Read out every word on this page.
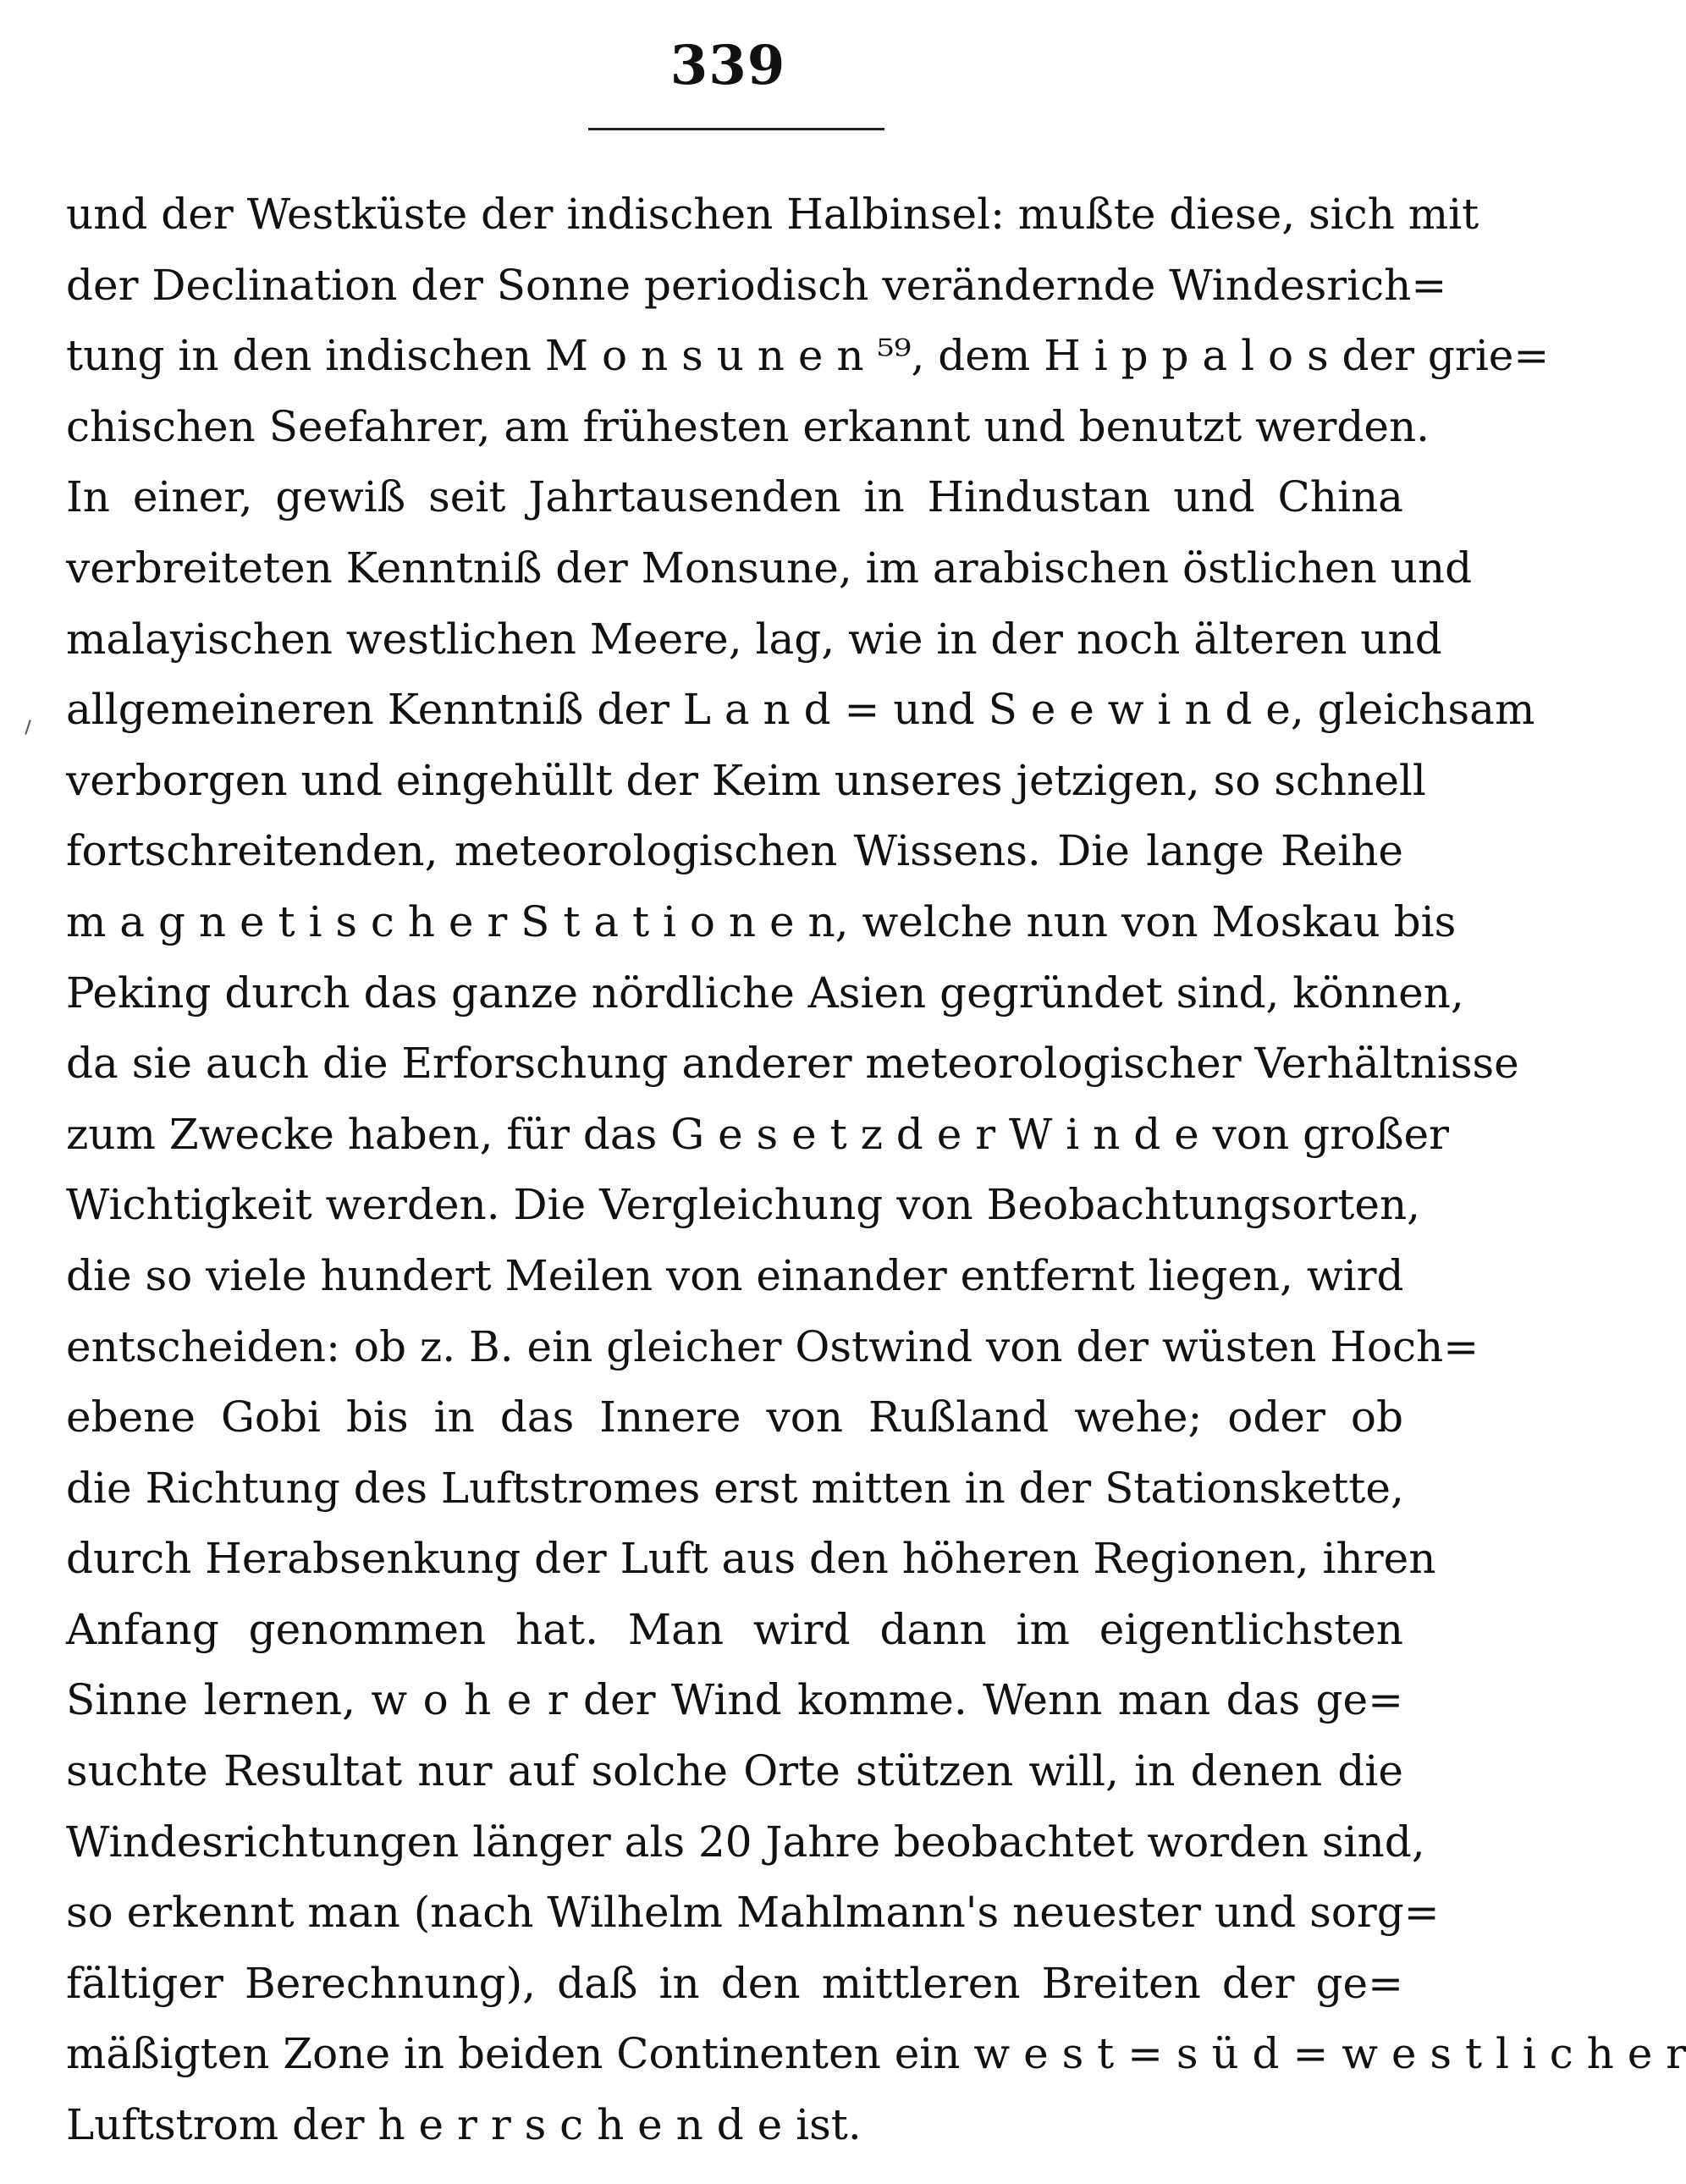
339
und der Westküste der indischen Halbinsel: mußte diese, sich mit
der Declination der Sonne periodisch verändernde Windesrich=
tung in den indischen M o n s u n e n ⁵⁹, dem H i p p a l o s der grie=
chischen Seefahrer, am frühesten erkannt und benutzt werden.
In einer, gewiß seit Jahrtausenden in Hindustan und China
verbreiteten Kenntniß der Monsune, im arabischen östlichen und
malayischen westlichen Meere, lag, wie in der noch älteren und
allgemeineren Kenntniß der L a n d = und S e e w i n d e, gleichsam
verborgen und eingehüllt der Keim unseres jetzigen, so schnell
fortschreitenden, meteorologischen Wissens. Die lange Reihe
m a g n e t i s c h e r S t a t i o n e n, welche nun von Moskau bis
Peking durch das ganze nördliche Asien gegründet sind, können,
da sie auch die Erforschung anderer meteorologischer Verhältnisse
zum Zwecke haben, für das G e s e t z d e r W i n d e von großer
Wichtigkeit werden. Die Vergleichung von Beobachtungsorten,
die so viele hundert Meilen von einander entfernt liegen, wird
entscheiden: ob z. B. ein gleicher Ostwind von der wüsten Hoch=
ebene Gobi bis in das Innere von Rußland wehe; oder ob
die Richtung des Luftstromes erst mitten in der Stationskette,
durch Herabsenkung der Luft aus den höheren Regionen, ihren
Anfang genommen hat. Man wird dann im eigentlichsten
Sinne lernen, w o h e r der Wind komme. Wenn man das ge=
suchte Resultat nur auf solche Orte stützen will, in denen die
Windesrichtungen länger als 20 Jahre beobachtet worden sind,
so erkennt man (nach Wilhelm Mahlmann's neuester und sorg=
fältiger Berechnung), daß in den mittleren Breiten der ge=
mäßigten Zone in beiden Continenten ein w e s t = s ü d = w e s t l i c h e r
Luftstrom der h e r r s c h e n d e ist.
